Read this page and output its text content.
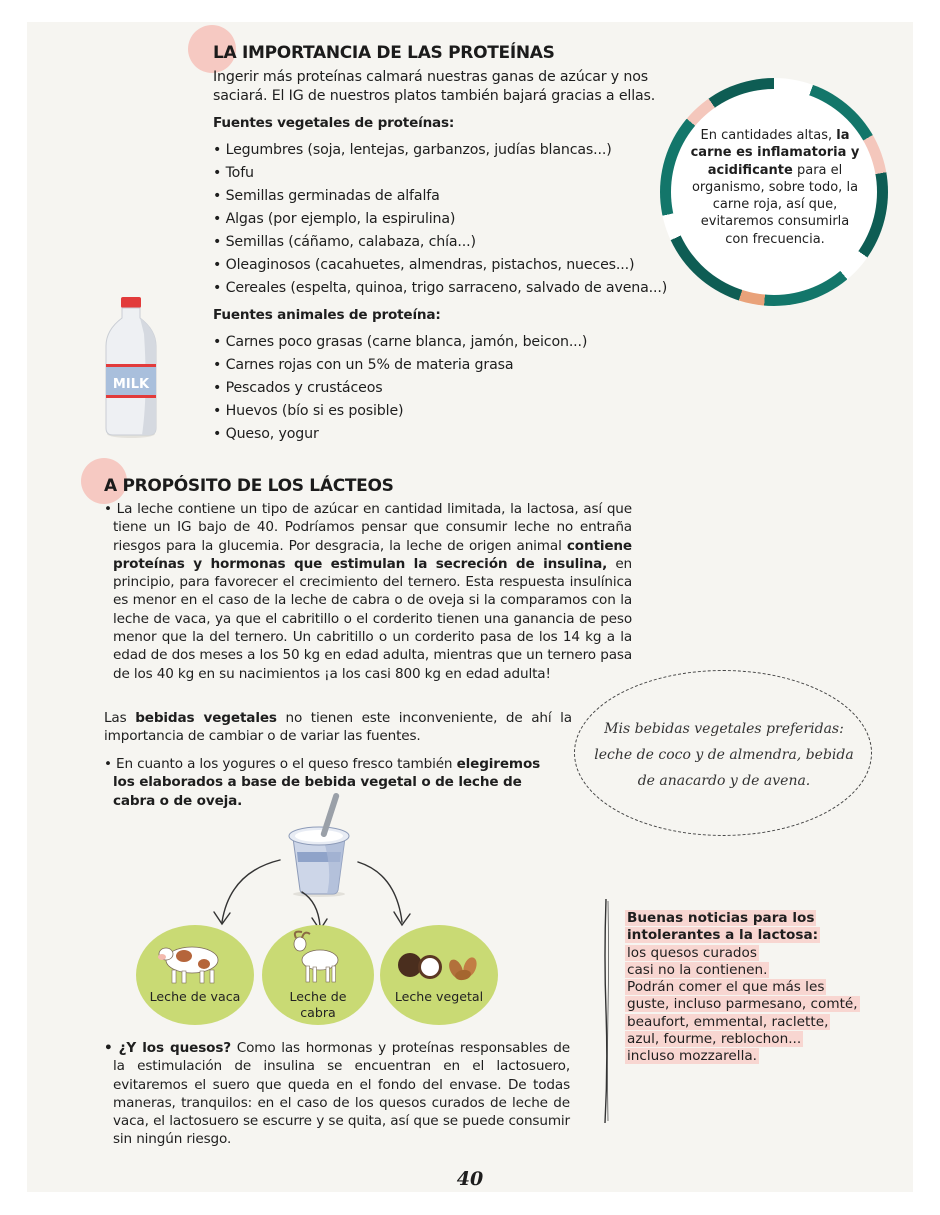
LA IMPORTANCIA DE LAS PROTEÍNAS
Ingerir más proteínas calmará nuestras ganas de azúcar y nos
saciará. El IG de nuestros platos también bajará gracias a ellas.
Fuentes vegetales de proteínas:
• Legumbres (soja, lentejas, garbanzos, judías blancas...)
• Tofu
• Semillas germinadas de alfalfa
• Algas (por ejemplo, la espirulina)
• Semillas (cáñamo, calabaza, chía...)
• Oleaginosos (cacahuetes, almendras, pistachos, nueces...)
• Cereales (espelta, quinoa, trigo sarraceno, salvado de avena...)
Fuentes animales de proteína:
• Carnes poco grasas (carne blanca, jamón, beicon...)
• Carnes rojas con un 5% de materia grasa
• Pescados y crustáceos
• Huevos (bío si es posible)
• Queso, yogur
MILK
En cantidades altas, la carne es inflamatoria y acidificante para el organismo, sobre todo, la carne roja, así que, evitaremos consumirla con frecuencia.
A PROPÓSITO DE LOS LÁCTEOS
• La leche contiene un tipo de azúcar en cantidad limitada, la lactosa, así que tiene un IG bajo de 40. Podríamos pensar que consumir leche no entraña riesgos para la glucemia. Por desgracia, la leche de origen animal contiene proteínas y hormonas que estimulan la secreción de insulina, en principio, para favorecer el crecimiento del ternero. Esta respuesta insulínica es menor en el caso de la leche de cabra o de oveja si la comparamos con la leche de vaca, ya que el cabritillo o el corderito tienen una ganancia de peso menor que la del ternero. Un cabritillo o un corderito pasa de los 14 kg a la edad de dos meses a los 50 kg en edad adulta, mientras que un ternero pasa de los 40 kg en su nacimientos ¡a los casi 800 kg en edad adulta!
Las bebidas vegetales no tienen este inconveniente, de ahí la importancia de cambiar o de variar las fuentes.
• En cuanto a los yogures o el queso fresco también elegiremos los elaborados a base de bebida vegetal o de leche de cabra o de oveja.
Mis bebidas vegetales preferidas:
leche de coco y de almendra, bebida
de anacardo y de avena.
Leche de vaca	Leche de
cabra
Leche vegetal
• ¿Y los quesos? Como las hormonas y proteínas responsables de la estimulación de insulina se encuentran en el lactosuero, evitaremos el suero que queda en el fondo del envase. De todas maneras, tranquilos: en el caso de los quesos curados de leche de vaca, el lactosuero se escurre y se quita, así que se puede consumir sin ningún riesgo.
Buenas noticias para los
intolerantes a la lactosa:
los quesos curados
casi no la contienen.
Podrán comer el que más les
guste, incluso parmesano, comté,
beaufort, emmental, raclette,
azul, fourme, reblochon...
incluso mozzarella.
40
